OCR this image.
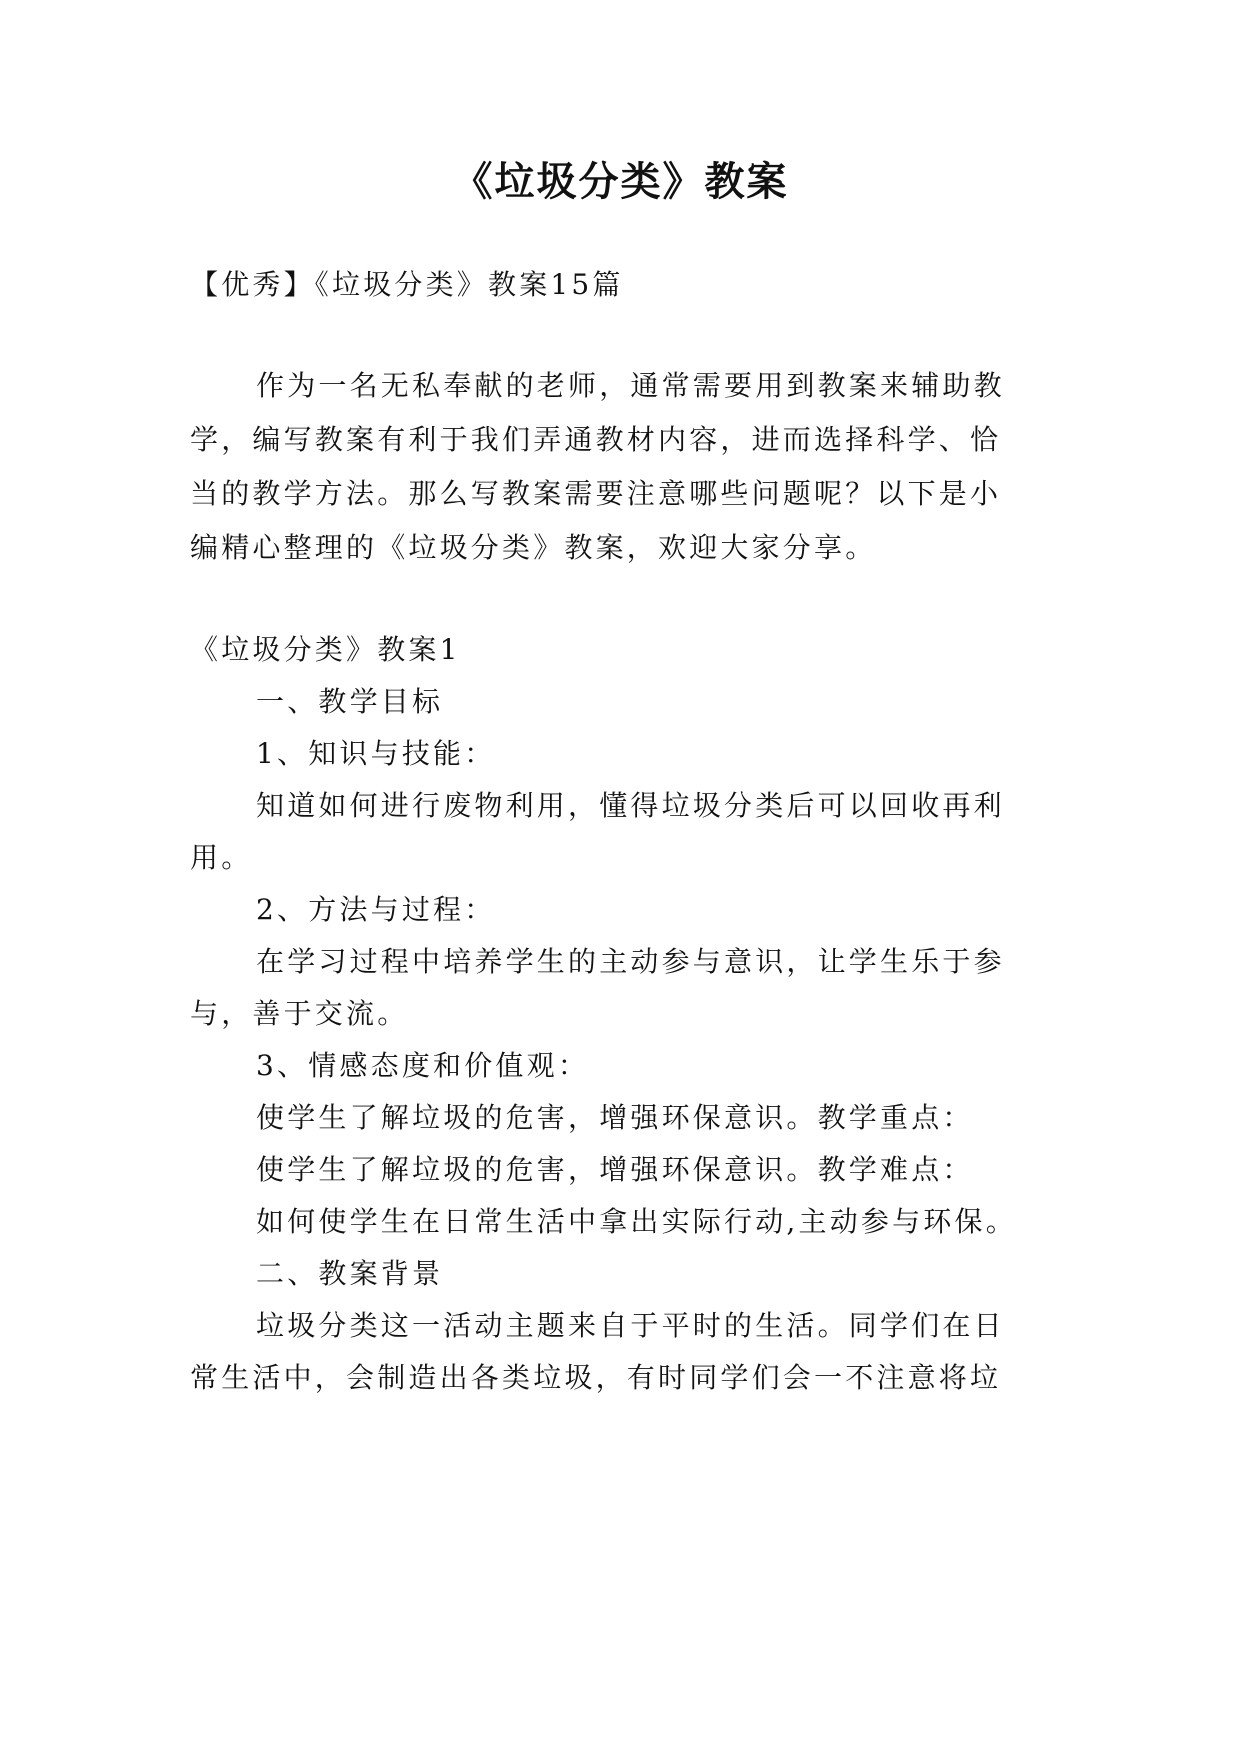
《垃圾分类》教案
【优秀】《垃圾分类》教案15篇
作为一名无私奉献的老师，通常需要用到教案来辅助教
学，编写教案有利于我们弄通教材内容，进而选择科学、恰
当的教学方法。那么写教案需要注意哪些问题呢？以下是小
编精心整理的《垃圾分类》教案，欢迎大家分享。
《垃圾分类》教案1
一、教学目标
1、知识与技能：
知道如何进行废物利用，懂得垃圾分类后可以回收再利
用。
2、方法与过程：
在学习过程中培养学生的主动参与意识，让学生乐于参
与，善于交流。
3、情感态度和价值观：
使学生了解垃圾的危害，增强环保意识。教学重点：
使学生了解垃圾的危害，增强环保意识。教学难点：
如何使学生在日常生活中拿出实际行动,主动参与环保。
二、教案背景
垃圾分类这一活动主题来自于平时的生活。同学们在日
常生活中，会制造出各类垃圾，有时同学们会一不注意将垃
